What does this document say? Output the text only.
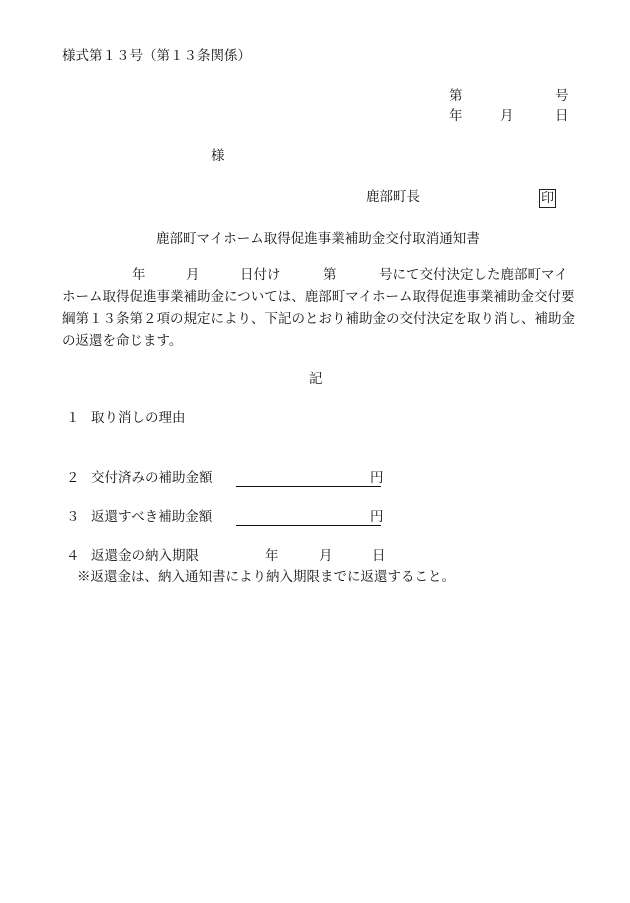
様式第１３号（第１３条関係）
第	号
年	月	日
様
鹿部町長	印
鹿部町マイホーム取得促進事業補助金交付取消通知書
年	月	日付け	第	号にて交付決定した鹿部町マイ
ホーム取得促進事業補助金については、鹿部町マイホーム取得促進事業補助金交付要
綱第１３条第２項の規定により、下記のとおり補助金の交付決定を取り消し、補助金
の返還を命じます。
記
１ 取り消しの理由
２ 交付済みの補助金額	円
３ 返還すべき補助金額	円
４ 返還金の納入期限	年	月	日
※返還金は、納入通知書により納入期限までに返還すること。
